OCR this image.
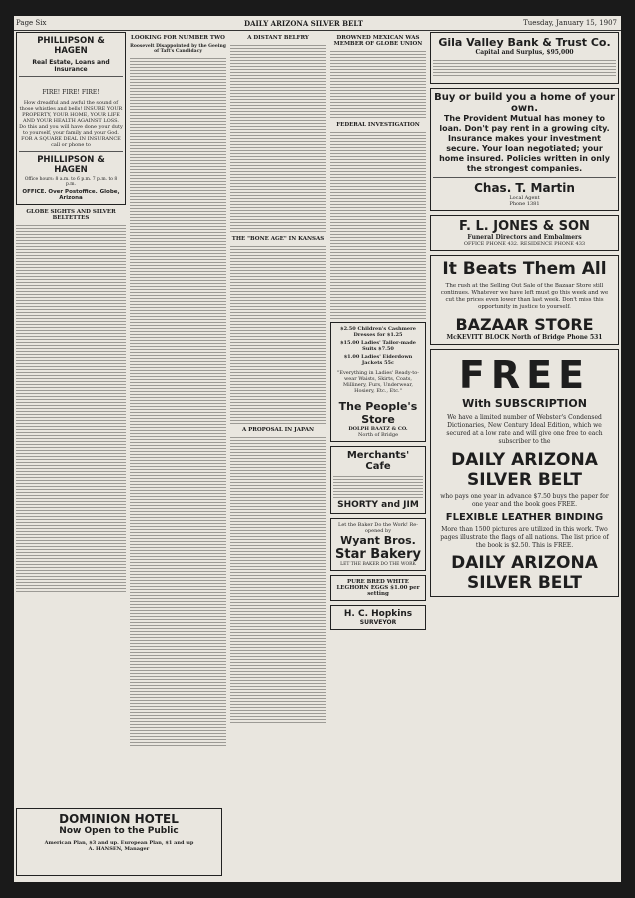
Page Six	DAILY ARIZONA SILVER BELT	Tuesday, January 15, 1907
PHILLIPSON & HAGEN
Real Estate, Loans and Insurance
FIRE! FIRE! FIRE!
How dreadful and awful the sound of those whistles and bells! INSURE YOUR PROPERTY, YOUR HOME, YOUR LIFE AND YOUR HEALTH AGAINST LOSS. Do this and you will have done your duty to yourself, your family and your God. FOR A SQUARE DEAL IN INSURANCE call or phone to
PHILLIPSON & HAGEN
Office hours: 8 a.m. to 6 p.m. 7 p.m. to 8 p.m.
OFFICE. Over Postoffice. Globe, Arizona
GLOBE SIGHTS AND SILVER BELTETTES
LOOKING FOR NUMBER TWO
Roosevelt Disappointed by the Geeing of Taft's Candidacy
A DISTANT BELFRY
THE "BONE AGE" IN KANSAS
A PROPOSAL IN JAPAN
DROWNED MEXICAN WAS MEMBER OF GLOBE UNION
FEDERAL INVESTIGATION
$2.50 Children's Cashmere Dresses for $1.25
$15.00 Ladies' Tailor-made Suits $7.50
$1.00 Ladies' Eiderdown Jackets 55c
"Everything in Ladies' Ready-to-wear Waists, Skirts, Coats, Millinery, Furs, Underwear, Hosiery, Etc., Etc."
The People's Store
DOLPH BAATZ & CO.
North of Bridge
Merchants' Cafe
SHORTY and JIM
Let the Baker Do the Work! Re-opened by
Wyant Bros.
Star Bakery
LET THE BAKER DO THE WORK
PURE BRED WHITE LEGHORN EGGS $1.00 per setting
H. C. Hopkins
SURVEYOR
Gila Valley Bank & Trust Co.
Capital and Surplus, $95,000
Buy or build you a home of your own.
The Provident Mutual has money to loan. Don't pay rent in a growing city. Insurance makes your investment secure. Your loan negotiated; your home insured. Policies written in only the strongest companies.
Chas. T. Martin
Local Agent
Phone 1381
F. L. JONES & SON
Funeral Directors and Embalmers
OFFICE PHONE 432. RESIDENCE PHONE 433
It Beats Them All
The rush at the Selling Out Sale of the Bazaar Store still continues. Whatever we have left must go this week and we cut the prices even lower than last week. Don't miss this opportunity in justice to yourself.
BAZAAR STORE
McKEVITT BLOCK North of Bridge Phone 531
FREE
With SUBSCRIPTION
We have a limited number of Webster's Condensed Dictionaries, New Century Ideal Edition, which we secured at a low rate and will give one free to each subscriber to the
DAILY ARIZONA SILVER BELT
who pays one year in advance $7.50 buys the paper for one year and the book goes FREE.
FLEXIBLE LEATHER BINDING
More than 1500 pictures are utilized in this work. Two pages illustrate the flags of all nations. The list price of the book is $2.50. This is FREE.
DAILY ARIZONA SILVER BELT
DOMINION HOTEL
Now Open to the Public
American Plan, $3 and up. European Plan, $1 and up
A. HANSEN, Manager
